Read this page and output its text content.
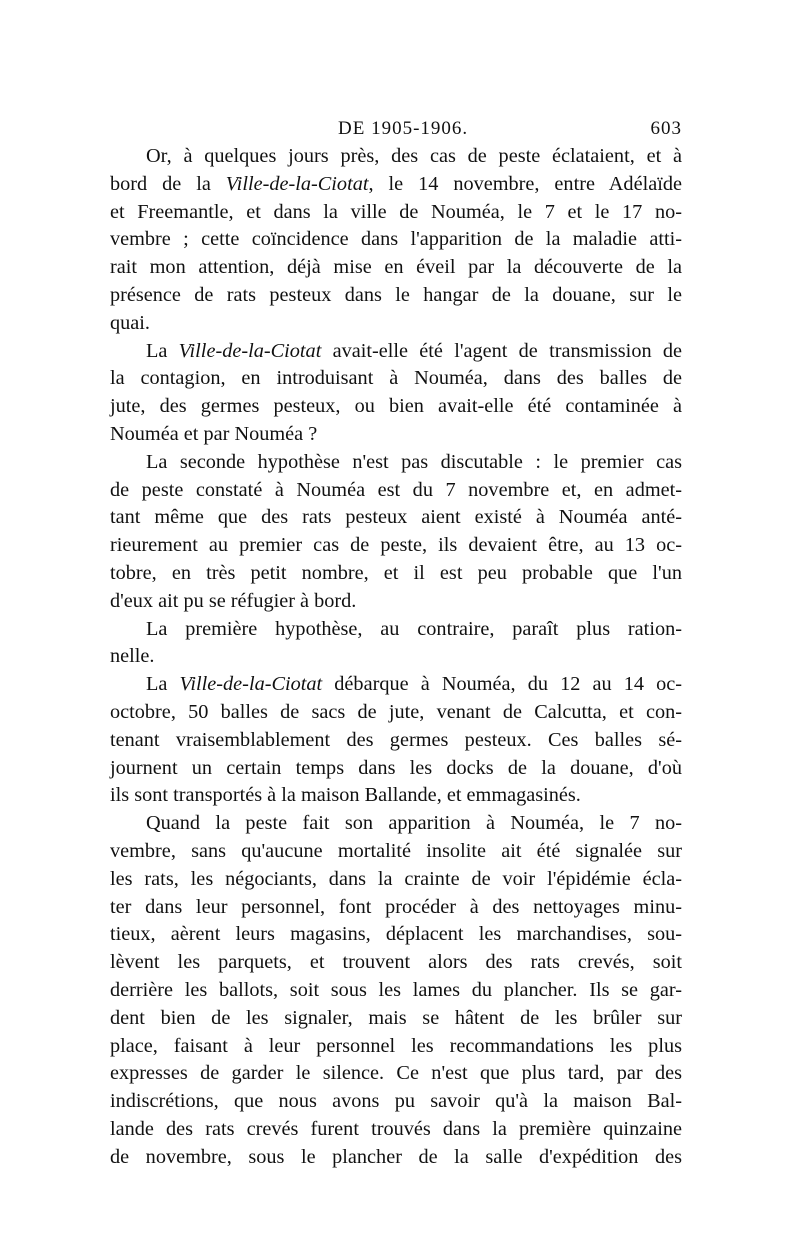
DE 1905-1906.	603

Or, à quelques jours près, des cas de peste éclataient, et à
bord de la Ville-de-la-Ciotat, le 14 novembre, entre Adélaïde
et Freemantle, et dans la ville de Nouméa, le 7 et le 17 no-
vembre ; cette coïncidence dans l'apparition de la maladie atti-
rait mon attention, déjà mise en éveil par la découverte de la
présence de rats pesteux dans le hangar de la douane, sur le
quai.

La Ville-de-la-Ciotat avait-elle été l'agent de transmission de
la contagion, en introduisant à Nouméa, dans des balles de
jute, des germes pesteux, ou bien avait-elle été contaminée à
Nouméa et par Nouméa ?

La seconde hypothèse n'est pas discutable : le premier cas
de peste constaté à Nouméa est du 7 novembre et, en admet-
tant même que des rats pesteux aient existé à Nouméa anté-
rieurement au premier cas de peste, ils devaient être, au 13 oc-
tobre, en très petit nombre, et il est peu probable que l'un
d'eux ait pu se réfugier à bord.

La première hypothèse, au contraire, paraît plus ration-
nelle.

La Ville-de-la-Ciotat débarque à Nouméa, du 12 au 14 oc-
octobre, 50 balles de sacs de jute, venant de Calcutta, et con-
tenant vraisemblablement des germes pesteux. Ces balles sé-
journent un certain temps dans les docks de la douane, d'où
ils sont transportés à la maison Ballande, et emmagasinés.

Quand la peste fait son apparition à Nouméa, le 7 no-
vembre, sans qu'aucune mortalité insolite ait été signalée sur
les rats, les négociants, dans la crainte de voir l'épidémie écla-
ter dans leur personnel, font procéder à des nettoyages minu-
tieux, aèrent leurs magasins, déplacent les marchandises, sou-
lèvent les parquets, et trouvent alors des rats crevés, soit
derrière les ballots, soit sous les lames du plancher. Ils se gar-
dent bien de les signaler, mais se hâtent de les brûler sur
place, faisant à leur personnel les recommandations les plus
expresses de garder le silence. Ce n'est que plus tard, par des
indiscrétions, que nous avons pu savoir qu'à la maison Bal-
lande des rats crevés furent trouvés dans la première quinzaine
de novembre, sous le plancher de la salle d'expédition des
